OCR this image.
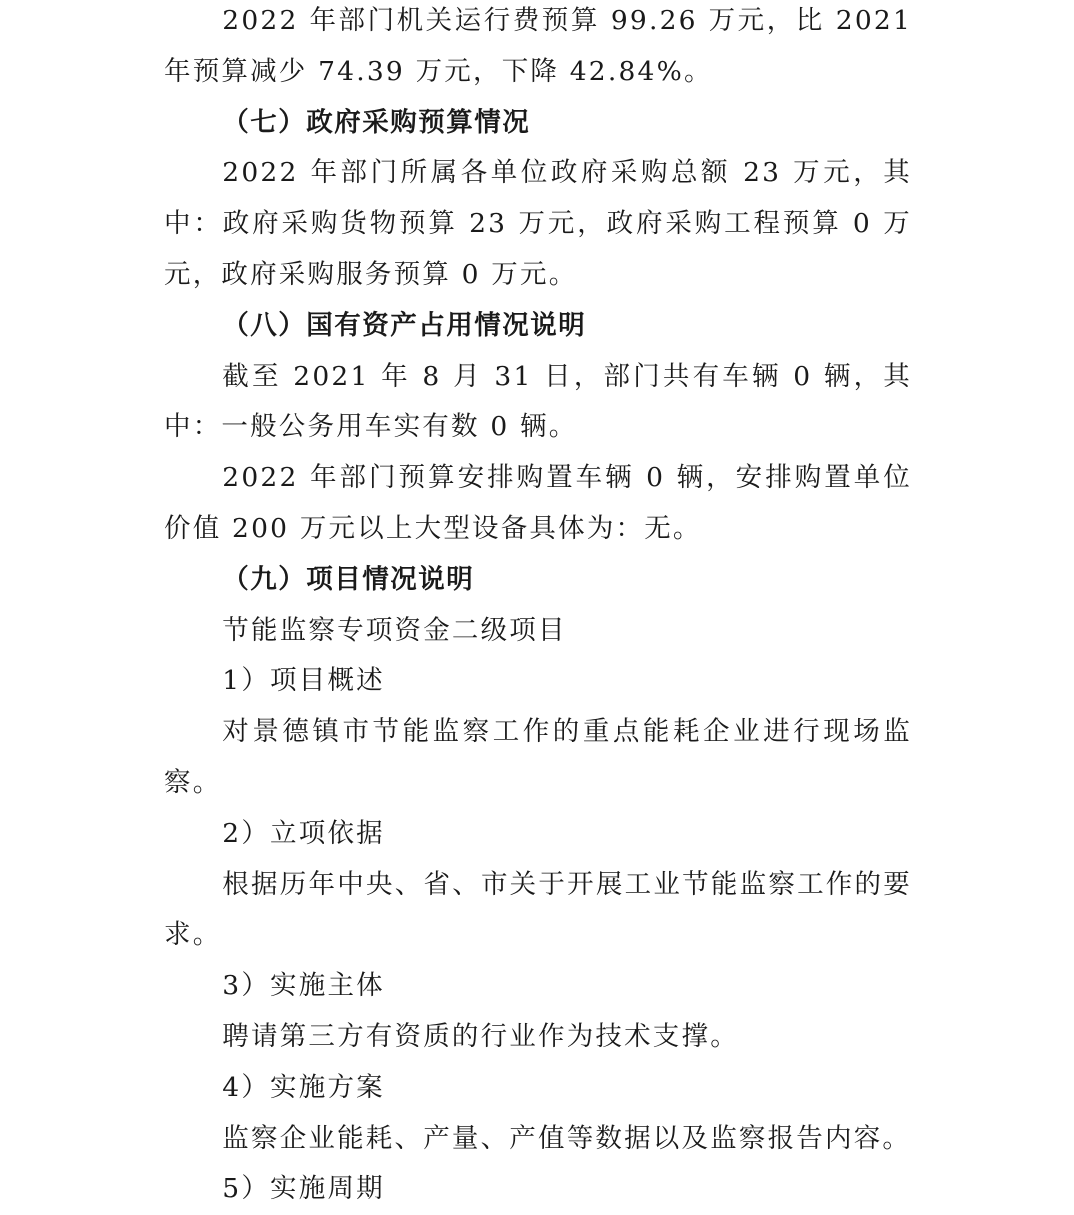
2022 年部门机关运行费预算 99.26 万元，比 2021 年预算减少 74.39 万元，下降 42.84%。

（七）政府采购预算情况

2022 年部门所属各单位政府采购总额 23 万元，其中：政府采购货物预算 23 万元，政府采购工程预算 0 万元，政府采购服务预算 0 万元。

（八）国有资产占用情况说明

截至 2021 年 8 月 31 日，部门共有车辆 0 辆，其中：一般公务用车实有数 0 辆。

2022 年部门预算安排购置车辆 0 辆，安排购置单位价值 200 万元以上大型设备具体为：无。

（九）项目情况说明

节能监察专项资金二级项目

1）项目概述

对景德镇市节能监察工作的重点能耗企业进行现场监察。

2）立项依据

根据历年中央、省、市关于开展工业节能监察工作的要求。

3）实施主体

聘请第三方有资质的行业作为技术支撑。

4）实施方案

监察企业能耗、产量、产值等数据以及监察报告内容。

5）实施周期
